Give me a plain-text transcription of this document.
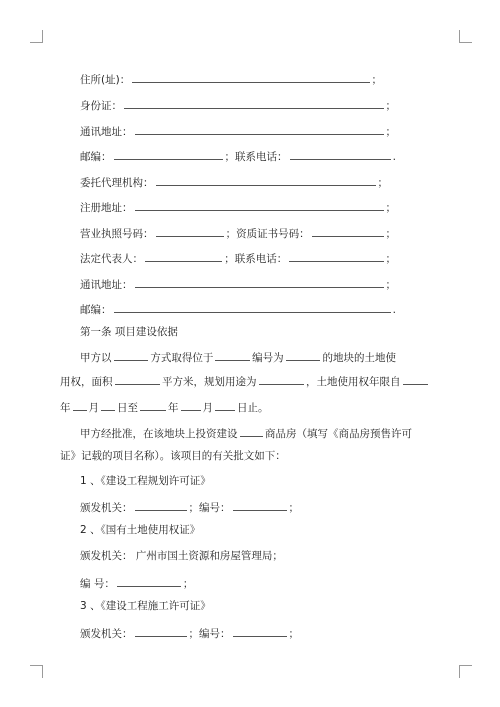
住所(址)：	；
身份证：	；
通讯地址：	；
邮编：	；联系电话：	.
委托代理机构：	；
注册地址：	；
营业执照号码：	；资质证书号码：	；
法定代表人：	；联系电话：	；
通讯地址：	；
邮编：	.
第一条 项目建设依据
甲方以	方式取得位于	编号为	的地块的土地使
用权，面积	平方米，规划用途为	，土地使用权年限自
年 月 日至	年 月 日止。
甲方经批准，在该地块上投资建设	商品房（填写《商品房预售许可
证》记载的项目名称）。该项目的有关批文如下：
1 、《建设工程规划许可证》
颁发机关：	；编号：	；
2 、《国有土地使用权证》
颁发机关： 广州市国土资源和房屋管理局；
编 号：	；
3 、《建设工程施工许可证》
颁发机关：	；编号：	；
